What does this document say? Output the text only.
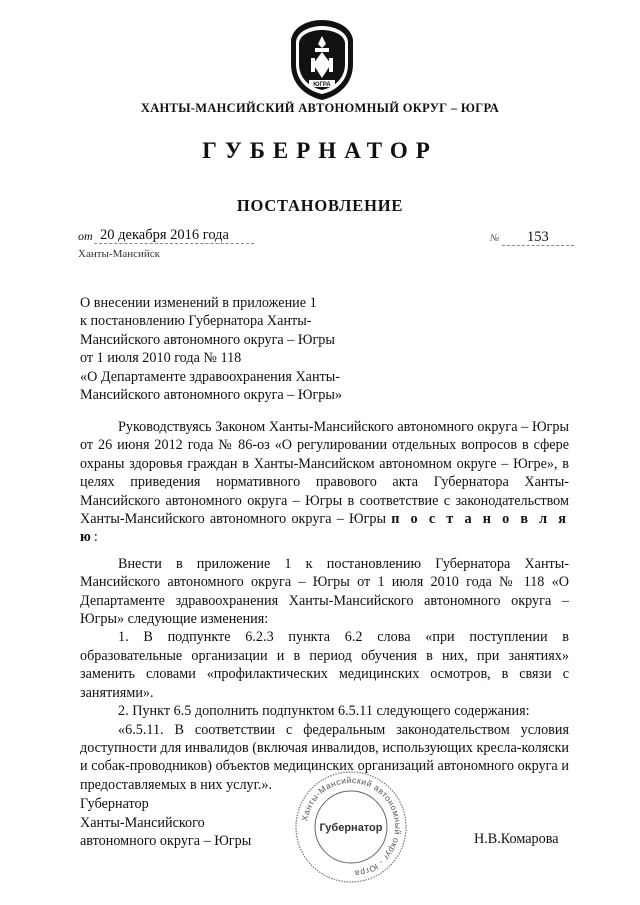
ЮГРА
ХАНТЫ-МАНСИЙСКИЙ АВТОНОМНЫЙ ОКРУГ – ЮГРА
ГУБЕРНАТОР
ПОСТАНОВЛЕНИЕ
от 20 декабря 2016 года	№ 153
Ханты-Мансийск
О внесении изменений в приложение 1
к постановлению Губернатора Ханты-
Мансийского автономного округа – Югры
от 1 июля 2010 года № 118
«О Департаменте здравоохранения Ханты-
Мансийского автономного округа – Югры»

Руководствуясь Законом Ханты-Мансийского автономного округа – Югры от 26 июня 2012 года № 86-оз «О регулировании отдельных вопросов в сфере охраны здоровья граждан в Ханты-Мансийском автономном округе – Югре», в целях приведения нормативного правового акта Губернатора Ханты-Мансийского автономного округа – Югры в соответствие с законодательством Ханты-Мансийского автономного округа – Югры п о с т а н о в л я ю:

Внести в приложение 1 к постановлению Губернатора Ханты-Мансийского автономного округа – Югры от 1 июля 2010 года № 118 «О Департаменте здравоохранения Ханты-Мансийского автономного округа – Югры» следующие изменения:

1. В подпункте 6.2.3 пункта 6.2 слова «при поступлении в образовательные организации и в период обучения в них, при занятиях» заменить словами «профилактических медицинских осмотров, в связи с занятиями».

2. Пункт 6.5 дополнить подпунктом 6.5.11 следующего содержания:

«6.5.11. В соответствии с федеральным законодательством условия доступности для инвалидов (включая инвалидов, использующих кресла-коляски и собак-проводников) объектов медицинских организаций автономного округа и предоставляемых в них услуг.».

Губернатор
Ханты-Мансийского
автономного округа – Югры	Н.В.Комарова
Ханты-Мансийский автономный округ - Югра
Губернатор
